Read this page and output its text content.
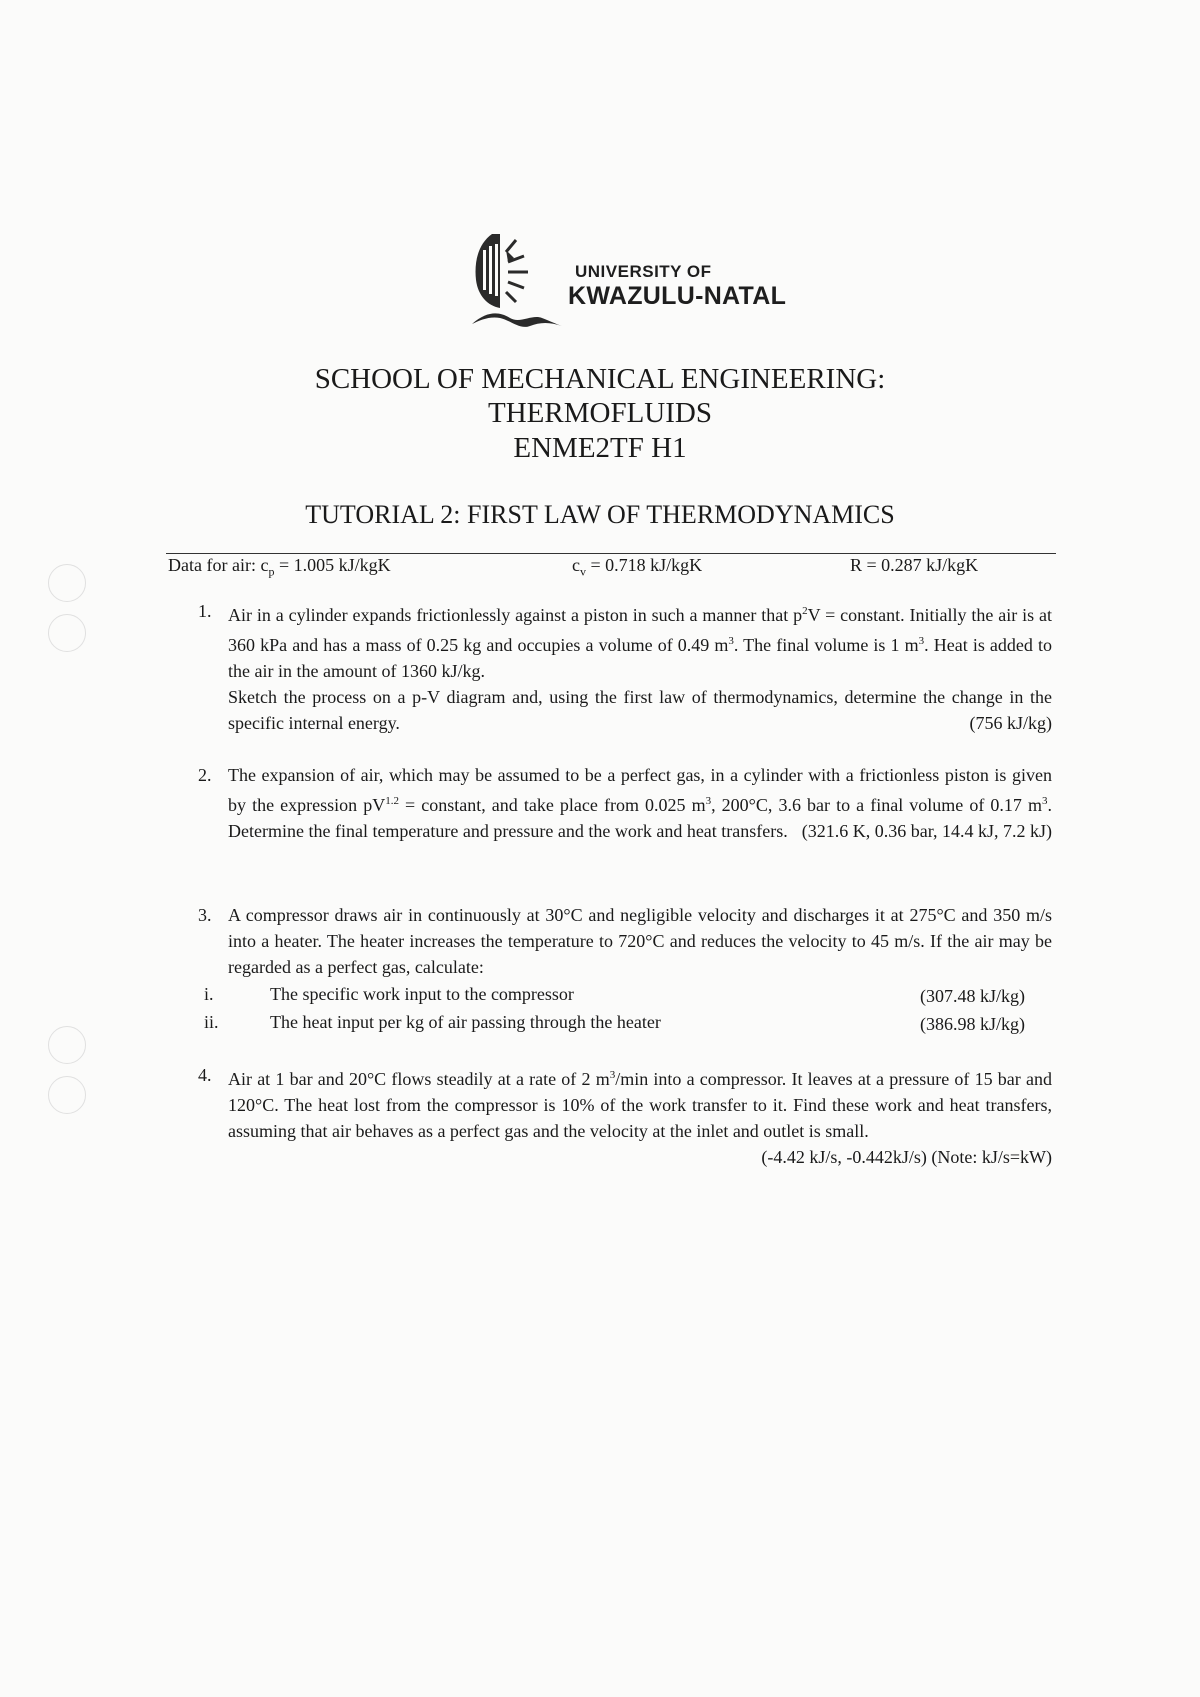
UNIVERSITY OF
KWAZULU-NATAL
SCHOOL OF MECHANICAL ENGINEERING:
THERMOFLUIDS
ENME2TF H1
TUTORIAL 2: FIRST LAW OF THERMODYNAMICS
Data for air: $c_p = 1.005$ kJ/kgK	$c_v = 0.718$ kJ/kgK	R = 0.287 kJ/kgK
1. Air in a cylinder expands frictionlessly against a piston in such a manner that $p^2V$ = constant. Initially the air is at 360 kPa and has a mass of 0.25 kg and occupies a volume of 0.49 $m^3$. The final volume is 1 $m^3$. Heat is added to the air in the amount of 1360 kJ/kg.
Sketch the process on a p-V diagram and, using the first law of thermodynamics, determine the change in the specific internal energy.	(756 kJ/kg)
2. The expansion of air, which may be assumed to be a perfect gas, in a cylinder with a frictionless piston is given by the expression $pV^{1.2}$ = constant, and take place from 0.025 $m^3$, 200°C, 3.6 bar to a final volume of 0.17 $m^3$. Determine the final temperature and pressure and the work and heat transfers. (321.6 K, 0.36 bar, 14.4 kJ, 7.2 kJ)
3. A compressor draws air in continuously at 30°C and negligible velocity and discharges it at 275°C and 350 m/s into a heater. The heater increases the temperature to 720°C and reduces the velocity to 45 m/s. If the air may be regarded as a perfect gas, calculate:
i.	The specific work input to the compressor	(307.48 kJ/kg)
ii.	The heat input per kg of air passing through the heater	(386.98 kJ/kg)
4. Air at 1 bar and 20°C flows steadily at a rate of 2 $m^3/\min$ into a compressor. It leaves at a pressure of 15 bar and 120°C. The heat lost from the compressor is 10% of the work transfer to it. Find these work and heat transfers, assuming that air behaves as a perfect gas and the velocity at the inlet and outlet is small.
(-4.42 kJ/s, -0.442kJ/s) (Note: kJ/s=kW)
